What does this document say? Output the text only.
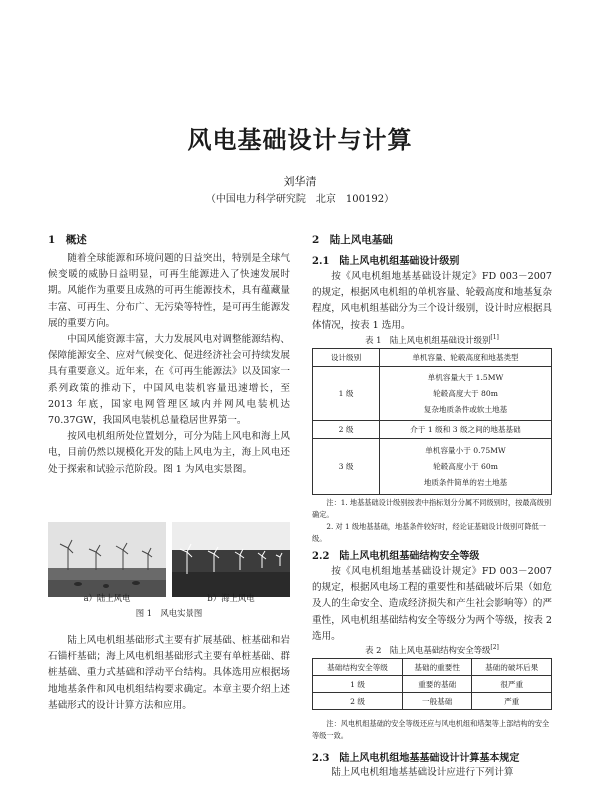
风电基础设计与计算
刘华清
（中国电力科学研究院　北京　100192）
1　概述

随着全球能源和环境问题的日益突出，特别是全球气候变暖的威胁日益明显，可再生能源进入了快速发展时期。风能作为重要且成熟的可再生能源技术，具有蕴藏量丰富、可再生、分布广、无污染等特性，是可再生能源发展的重要方向。

中国风能资源丰富，大力发展风电对调整能源结构、保障能源安全、应对气候变化、促进经济社会可持续发展具有重要意义。近年来，在《可再生能源法》以及国家一系列政策的推动下，中国风电装机容量迅速增长，至 2013 年底，国家电网管理区域内并网风电装机达 70.37GW，我国风电装机总量稳居世界第一。

按风电机组所处位置划分，可分为陆上风电和海上风电，目前仍然以规模化开发的陆上风电为主，海上风电还处于探索和试验示范阶段。图 1 为风电实景图。

a）陆上风电	b）海上风电
图 1　风电实景图

陆上风电机组基础形式主要有扩展基础、桩基础和岩石锚杆基础；海上风电机组基础形式主要有单桩基础、群桩基础、重力式基础和浮动平台结构。具体选用应根据场地地基条件和风电机组结构要求确定。本章主要介绍上述基础形式的设计计算方法和应用。

2　陆上风电基础
2.1　陆上风电机组基础设计级别

按《风电机组地基基础设计规定》FD 003－2007 的规定，根据风电机组的单机容量、轮毂高度和地基复杂程度，风电机组基础分为三个设计级别，设计时应根据具体情况，按表 1 选用。

表 1　陆上风电机组基础设计级别[1]
设计级别	单机容量、轮毂高度和地基类型
1 级	单机容量大于 1.5MW
轮毂高度大于 80m
复杂地质条件或软土地基

2 级	介于 1 级和 3 级之间的地基基础
3 级	单机容量小于 0.75MW
轮毂高度小于 60m
地质条件简单的岩土地基

注：1. 地基基础设计级别按表中指标划分分属不同级别时，按最高级别确定。

2. 对 1 级地基基础，地基条件较好时，经论证基础设计级别可降低一级。

2.2　陆上风电机组基础结构安全等级

按《风电机组地基基础设计规定》FD 003－2007 的规定，根据风电场工程的重要性和基础破坏后果（如危及人的生命安全、造成经济损失和产生社会影响等）的严重性，风电机组基础结构安全等级分为两个等级，按表 2 选用。

表 2　陆上风电基础结构安全等级[2]
基础结构安全等级	基础的重要性	基础的破坏后果
1 级	重要的基础	很严重
2 级	一般基础	严重

注：风电机组基础的安全等级还应与风电机组和塔架等上部结构的安全等级一致。

2.3　陆上风电机组地基基础设计计算基本规定

陆上风电机组地基基础设计应进行下列计算
